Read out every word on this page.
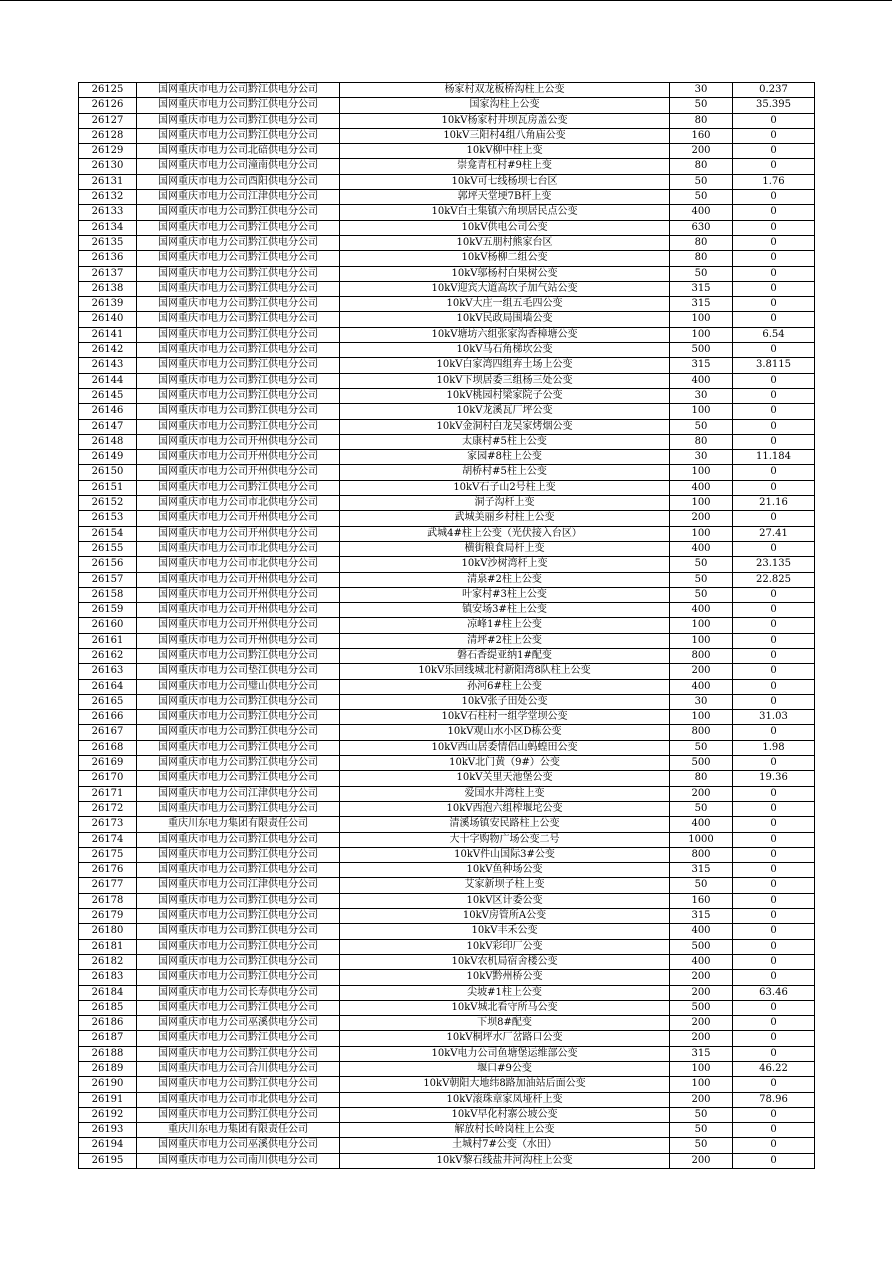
26125	国网重庆市电力公司黔江供电分公司	杨家村双龙板桥沟柱上公变	30	0.237
26126	国网重庆市电力公司黔江供电分公司	国家沟柱上公变	50	35.395
26127	国网重庆市电力公司黔江供电分公司	10kV杨家村井坝瓦房盖公变	80	0
26128	国网重庆市电力公司黔江供电分公司	10kV三阳村4组八角庙公变	160	0
26129	国网重庆市电力公司北碚供电分公司	10kV柳中柱上变	200	0
26130	国网重庆市电力公司潼南供电分公司	崇龛青杠村#9柱上变	80	0
26131	国网重庆市电力公司酉阳供电分公司	10kV可七线杨坝七台区	50	1.76
26132	国网重庆市电力公司江津供电分公司	郭坪天堂埂7B杆上变	50	0
26133	国网重庆市电力公司黔江供电分公司	10kV白土集镇六角坝居民点公变	400	0
26134	国网重庆市电力公司黔江供电分公司	10kV供电公司公变	630	0
26135	国网重庆市电力公司黔江供电分公司	10kV五朋村熊家台区	80	0
26136	国网重庆市电力公司黔江供电分公司	10kV杨柳二组公变	80	0
26137	国网重庆市电力公司黔江供电分公司	10kV邬杨村白果树公变	50	0
26138	国网重庆市电力公司黔江供电分公司	10kV迎宾大道高坎子加气站公变	315	0
26139	国网重庆市电力公司黔江供电分公司	10kV大庄一组五毛四公变	315	0
26140	国网重庆市电力公司黔江供电分公司	10kV民政局围墙公变	100	0
26141	国网重庆市电力公司黔江供电分公司	10kV塘坊六组张家沟香樟塘公变	100	6.54
26142	国网重庆市电力公司黔江供电分公司	10kV马石角梯坎公变	500	0
26143	国网重庆市电力公司黔江供电分公司	10kV白家湾四组弃土场上公变	315	3.8115
26144	国网重庆市电力公司黔江供电分公司	10kV下坝居委三组杨三处公变	400	0
26145	国网重庆市电力公司黔江供电分公司	10kV桃园村梁家院子公变	30	0
26146	国网重庆市电力公司黔江供电分公司	10kV龙溪瓦厂坪公变	100	0
26147	国网重庆市电力公司黔江供电分公司	10kV金洞村白龙吴家烤烟公变	50	0
26148	国网重庆市电力公司开州供电分公司	太康村#5柱上公变	80	0
26149	国网重庆市电力公司开州供电分公司	家园#8柱上公变	30	11.184
26150	国网重庆市电力公司开州供电分公司	胡桥村#5柱上公变	100	0
26151	国网重庆市电力公司黔江供电分公司	10kV石子山2号柱上变	400	0
26152	国网重庆市电力公司市北供电分公司	洞子沟杆上变	100	21.16
26153	国网重庆市电力公司开州供电分公司	武城美丽乡村柱上公变	200	0
26154	国网重庆市电力公司开州供电分公司	武城4#柱上公变（光伏接入台区）	100	27.41
26155	国网重庆市电力公司市北供电分公司	横街粮食局杆上变	400	0
26156	国网重庆市电力公司市北供电分公司	10kV沙树湾杆上变	50	23.135
26157	国网重庆市电力公司开州供电分公司	清泉#2柱上公变	50	22.825
26158	国网重庆市电力公司开州供电分公司	叶家村#3柱上公变	50	0
26159	国网重庆市电力公司开州供电分公司	镇安场3#柱上公变	400	0
26160	国网重庆市电力公司开州供电分公司	凉峰1#柱上公变	100	0
26161	国网重庆市电力公司开州供电分公司	清坪#2柱上公变	100	0
26162	国网重庆市电力公司黔江供电分公司	磐石香缇亚纳1#配变	800	0
26163	国网重庆市电力公司垫江供电分公司	10kV乐回线城北村新阳湾8队柱上公变	200	0
26164	国网重庆市电力公司璧山供电分公司	孙河6#柱上公变	400	0
26165	国网重庆市电力公司黔江供电分公司	10kV张子田处公变	30	0
26166	国网重庆市电力公司黔江供电分公司	10kV石柱村一组学堂坝公变	100	31.03
26167	国网重庆市电力公司黔江供电分公司	10kV观山水小区D栋公变	800	0
26168	国网重庆市电力公司黔江供电分公司	10kV西山居委情侣山蚂蝗田公变	50	1.98
26169	国网重庆市电力公司黔江供电分公司	10kV北门黄（9#）公变	500	0
26170	国网重庆市电力公司黔江供电分公司	10kV关里天池堡公变	80	19.36
26171	国网重庆市电力公司江津供电分公司	爱国水井湾柱上变	200	0
26172	国网重庆市电力公司黔江供电分公司	10kV西泡六组榨堰坨公变	50	0
26173	重庆川东电力集团有限责任公司	清溪场镇安民路柱上公变	400	0
26174	国网重庆市电力公司黔江供电分公司	大十字购物广场公变二号	1000	0
26175	国网重庆市电力公司黔江供电分公司	10kV件山国际3#公变	800	0
26176	国网重庆市电力公司黔江供电分公司	10kV鱼种场公变	315	0
26177	国网重庆市电力公司江津供电分公司	艾家新坝子柱上变	50	0
26178	国网重庆市电力公司黔江供电分公司	10kV区计委公变	160	0
26179	国网重庆市电力公司黔江供电分公司	10kV房管所A公变	315	0
26180	国网重庆市电力公司黔江供电分公司	10kV丰禾公变	400	0
26181	国网重庆市电力公司黔江供电分公司	10kV彩印厂公变	500	0
26182	国网重庆市电力公司黔江供电分公司	10kV农机局宿舍楼公变	400	0
26183	国网重庆市电力公司黔江供电分公司	10kV黔州桥公变	200	0
26184	国网重庆市电力公司长寿供电分公司	尖坡#1柱上公变	200	63.46
26185	国网重庆市电力公司黔江供电分公司	10kV城北看守所马公变	500	0
26186	国网重庆市电力公司巫溪供电分公司	下坝8#配变	200	0
26187	国网重庆市电力公司黔江供电分公司	10kV桐坪水厂岔路口公变	200	0
26188	国网重庆市电力公司黔江供电分公司	10kV电力公司鱼塘堡运维部公变	315	0
26189	国网重庆市电力公司合川供电分公司	堰口#9公变	100	46.22
26190	国网重庆市电力公司黔江供电分公司	10kV朝阳大地纬8路加油站后面公变	100	0
26191	国网重庆市电力公司市北供电分公司	10kV滚珠章家凤垭杆上变	200	78.96
26192	国网重庆市电力公司黔江供电分公司	10kV早化村寨公坡公变	50	0
26193	重庆川东电力集团有限责任公司	解放村长岭岗柱上公变	50	0
26194	国网重庆市电力公司巫溪供电分公司	土城村7#公变（水田）	50	0
26195	国网重庆市电力公司南川供电分公司	10kV黎石线盐井河沟柱上公变	200	0
